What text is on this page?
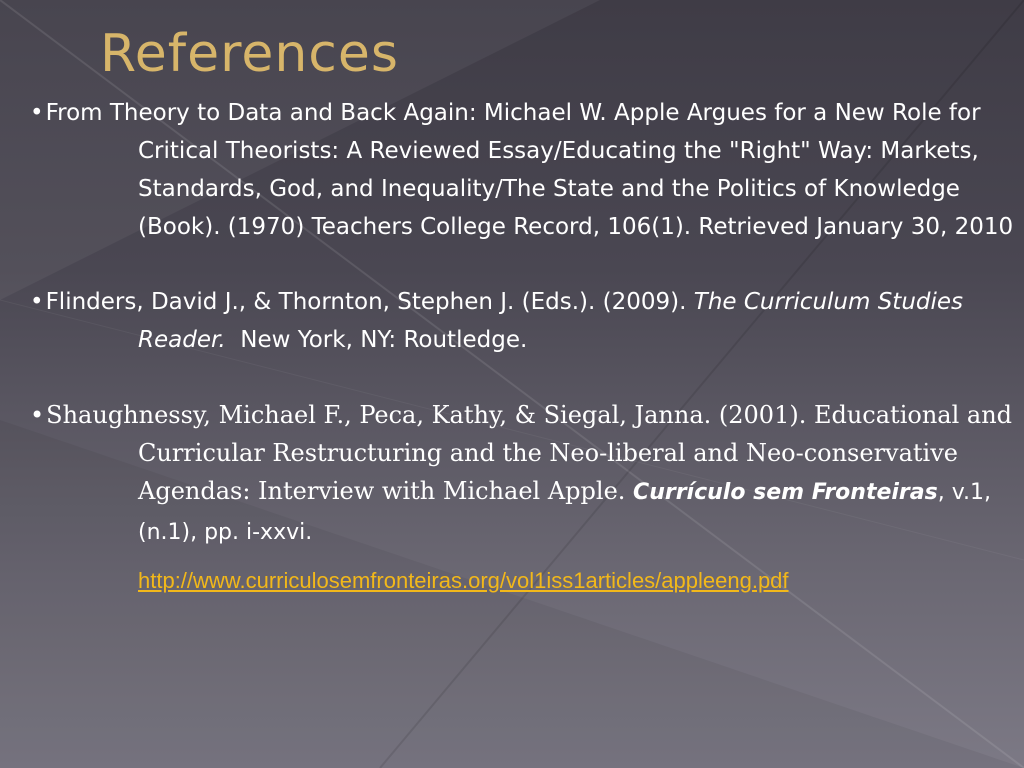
References
•From Theory to Data and Back Again: Michael W. Apple Argues for a New Role for Critical Theorists: A Reviewed Essay/Educating the "Right" Way: Markets, Standards, God, and Inequality/The State and the Politics of Knowledge (Book). (1970) Teachers College Record, 106(1). Retrieved January 30, 2010
•Flinders, David J., & Thornton, Stephen J. (Eds.). (2009). The Curriculum Studies Reader.  New York, NY: Routledge.
•Shaughnessy, Michael F., Peca, Kathy, & Siegal, Janna. (2001). Educational and Curricular Restructuring and the Neo-liberal and Neo-conservative Agendas: Interview with Michael Apple. Currículo sem Fronteiras, v.1, (n.1), pp. i-xxvi.
http://www.curriculosemfronteiras.org/vol1iss1articles/appleeng.pdf
